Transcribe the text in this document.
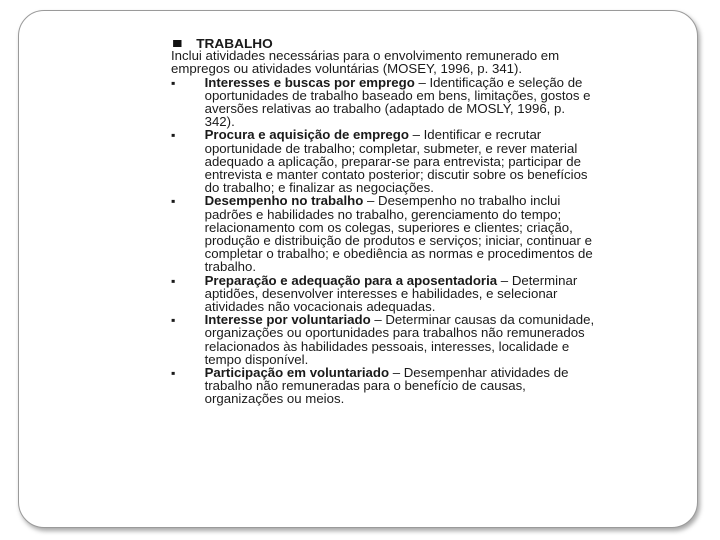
TRABALHO

Inclui atividades necessárias para o envolvimento remunerado em empregos ou atividades voluntárias (MOSEY, 1996, p. 341).

▪	Interesses e buscas por emprego – Identificação e seleção de oportunidades de trabalho baseado em bens, limitações, gostos e aversões relativas ao trabalho (adaptado de MOSLY, 1996, p. 342).
▪	Procura e aquisição de emprego – Identificar e recrutar oportunidade de trabalho; completar, submeter, e rever material adequado a aplicação, preparar-se para entrevista; participar de entrevista e manter contato posterior; discutir sobre os benefícios do trabalho; e finalizar as negociações.
▪	Desempenho no trabalho – Desempenho no trabalho inclui padrões e habilidades no trabalho, gerenciamento do tempo; relacionamento com os colegas, superiores e clientes; criação, produção e distribuição de produtos e serviços; iniciar, continuar e completar o trabalho; e obediência as normas e procedimentos de trabalho.
▪	Preparação e adequação para a aposentadoria – Determinar aptidões, desenvolver interesses e habilidades, e selecionar atividades não vocacionais adequadas.
▪	Interesse por voluntariado – Determinar causas da comunidade, organizações ou oportunidades para trabalhos não remunerados relacionados às habilidades pessoais, interesses, localidade e tempo disponível.
▪	Participação em voluntariado – Desempenhar atividades de trabalho não remuneradas para o benefício de causas, organizações ou meios.
